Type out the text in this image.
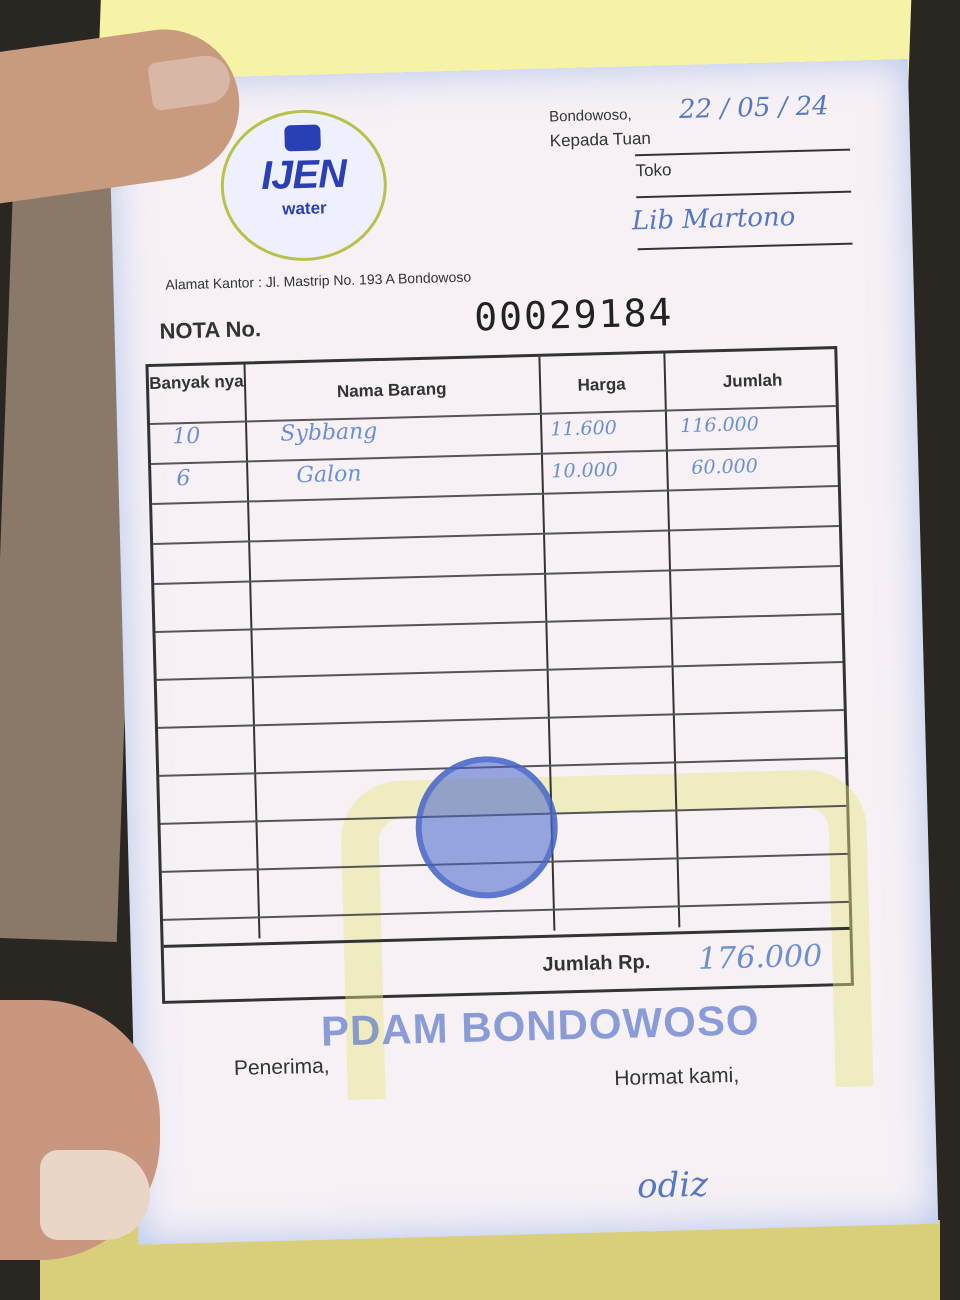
IJEN
water
Bondowoso, 22 / 05 / 24
Kepada Tuan
Toko
Lib Martono
Alamat Kantor : Jl. Mastrip No. 193 A Bondowoso
NOTA No.	00029184
Banyak nya	Nama Barang	Harga	Jumlah
PDAM BONDOWOSO
10	Sybbang	11.600	116.000
6	Galon	10.000	60.000
Jumlah Rp. 176.000
Penerima,	Hormat kami,
odiz
